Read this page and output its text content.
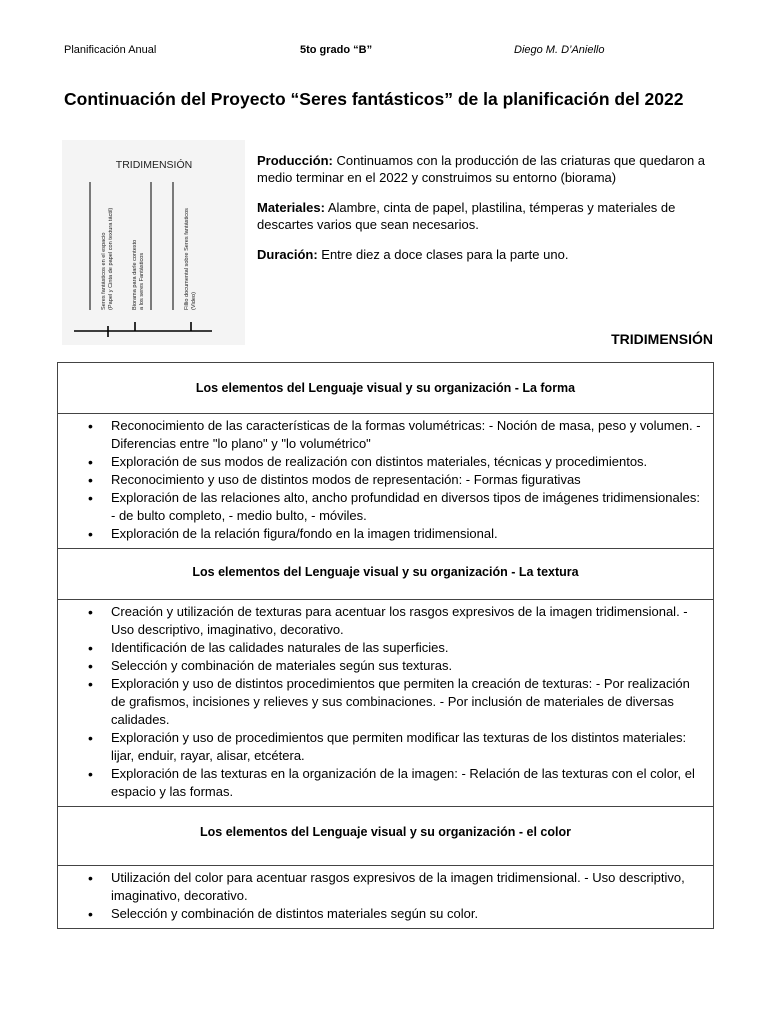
Planificación Anual	5to grado “B”	Diego M. D’Aniello
Continuación del Proyecto “Seres fantásticos” de la planificación del 2022
TRIDIMENSIÓN
Seres fantásticos en el espacio (Papel y Cinta de papel con textura táctil)	Biorama para darle contexto a los seres Fantásticos	Fillio documental sobre Seres fantásticos (Video)

Producción: Continuamos con la producción de las criaturas que quedaron a medio terminar en el 2022 y construimos su entorno (biorama)

Materiales: Alambre, cinta de papel, plastilina, témperas y materiales de descartes varios que sean necesarios.

Duración: Entre diez a doce clases para la parte uno.

TRIDIMENSIÓN
Los elementos del Lenguaje visual y su organización - La forma

• Reconocimiento de las características de la formas volumétricas: - Noción de masa, peso y volumen. - Diferencias entre "lo plano" y "lo volumétrico"
• Exploración de sus modos de realización con distintos materiales, técnicas y procedimientos.
• Reconocimiento y uso de distintos modos de representación: - Formas figurativas
• Exploración de las relaciones alto, ancho profundidad en diversos tipos de imágenes tridimensionales: - de bulto completo, - medio bulto, - móviles.
• Exploración de la relación figura/fondo en la imagen tridimensional.

Los elementos del Lenguaje visual y su organización - La textura

• Creación y utilización de texturas para acentuar los rasgos expresivos de la imagen tridimensional. - Uso descriptivo, imaginativo, decorativo.
• Identificación de las calidades naturales de las superficies.
• Selección y combinación de materiales según sus texturas.
• Exploración y uso de distintos procedimientos que permiten la creación de texturas: - Por realización de grafismos, incisiones y relieves y sus combinaciones. - Por inclusión de materiales de diversas calidades.
• Exploración y uso de procedimientos que permiten modificar las texturas de los distintos materiales: lijar, enduir, rayar, alisar, etcétera.
• Exploración de las texturas en la organización de la imagen: - Relación de las texturas con el color, el espacio y las formas.

Los elementos del Lenguaje visual y su organización - el color

• Utilización del color para acentuar rasgos expresivos de la imagen tridimensional. - Uso descriptivo, imaginativo, decorativo.
• Selección y combinación de distintos materiales según su color.
